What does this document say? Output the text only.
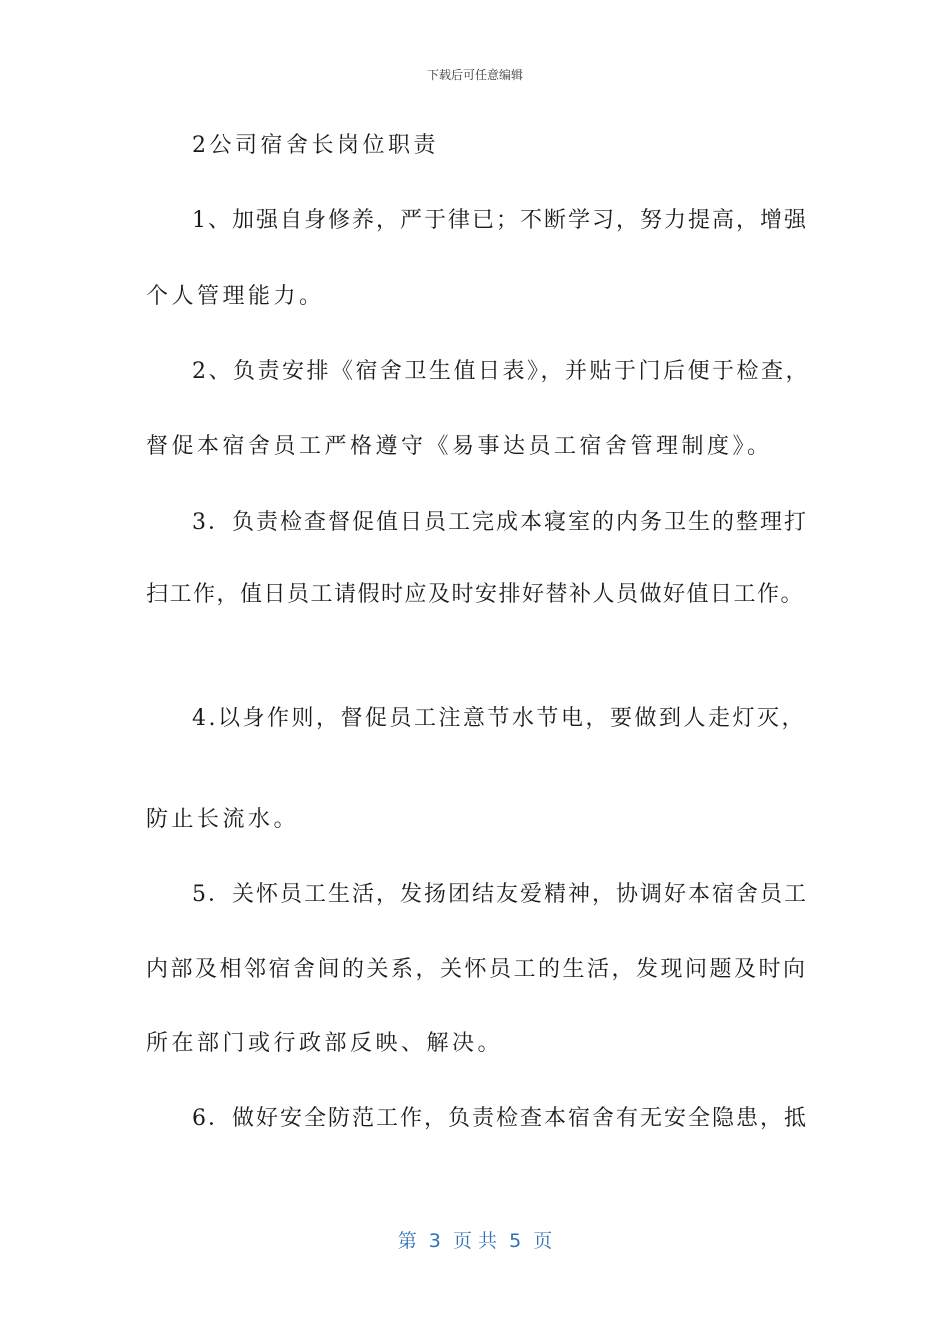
下载后可任意编辑
2公司宿舍长岗位职责
1、加强自身修养，严于律已；不断学习，努力提高，增强
个人管理能力。
2、负责安排《宿舍卫生值日表》，并贴于门后便于检查，
督促本宿舍员工严格遵守《易事达员工宿舍管理制度》。
3．负责检查督促值日员工完成本寝室的内务卫生的整理打
扫工作，值日员工请假时应及时安排好替补人员做好值日工作。
4.以身作则，督促员工注意节水节电，要做到人走灯灭，
防止长流水。
5．关怀员工生活，发扬团结友爱精神，协调好本宿舍员工
内部及相邻宿舍间的关系，关怀员工的生活，发现问题及时向
所在部门或行政部反映、解决。
6．做好安全防范工作，负责检查本宿舍有无安全隐患，抵
第  3  页 共  5  页
